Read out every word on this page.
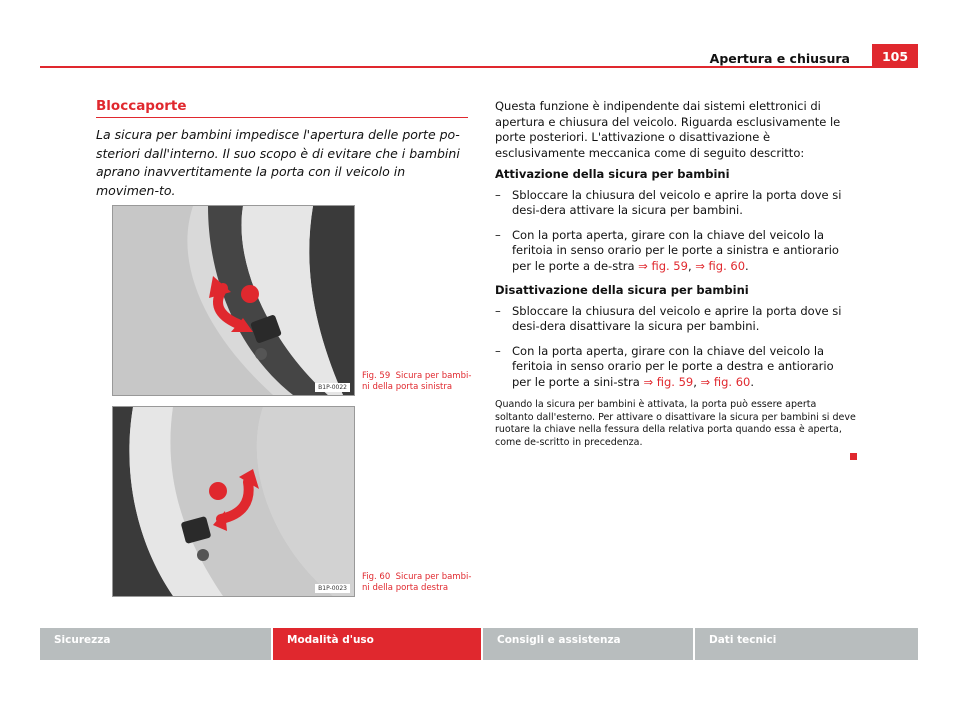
Apertura e chiusura	105
Bloccaporte
La sicura per bambini impedisce l'apertura delle porte po-steriori dall'interno. Il suo scopo è di evitare che i bambini aprano inavvertitamente la porta con il veicolo in movimen-to.
B1P-0022
Fig. 59 Sicura per bambi-ni della porta sinistra
B1P-0023
Fig. 60 Sicura per bambi-ni della porta destra

Questa funzione è indipendente dai sistemi elettronici di apertura e chiusura del veicolo. Riguarda esclusivamente le porte posteriori. L'attivazione o disattivazione è esclusivamente meccanica come di seguito descritto:

Attivazione della sicura per bambini
– Sbloccare la chiusura del veicolo e aprire la porta dove si desi-dera attivare la sicura per bambini.
– Con la porta aperta, girare con la chiave del veicolo la feritoia in senso orario per le porte a sinistra e antiorario per le porte a de-stra ⇒ fig. 59, ⇒ fig. 60.
Disattivazione della sicura per bambini
– Sbloccare la chiusura del veicolo e aprire la porta dove si desi-dera disattivare la sicura per bambini.
– Con la porta aperta, girare con la chiave del veicolo la feritoia in senso orario per le porte a destra e antiorario per le porte a sini-stra ⇒ fig. 59, ⇒ fig. 60.
Quando la sicura per bambini è attivata, la porta può essere aperta soltanto dall'esterno. Per attivare o disattivare la sicura per bambini si deve ruotare la chiave nella fessura della relativa porta quando essa è aperta, come de-scritto in precedenza.
Sicurezza	Modalità d'uso	Consigli e assistenza	Dati tecnici
